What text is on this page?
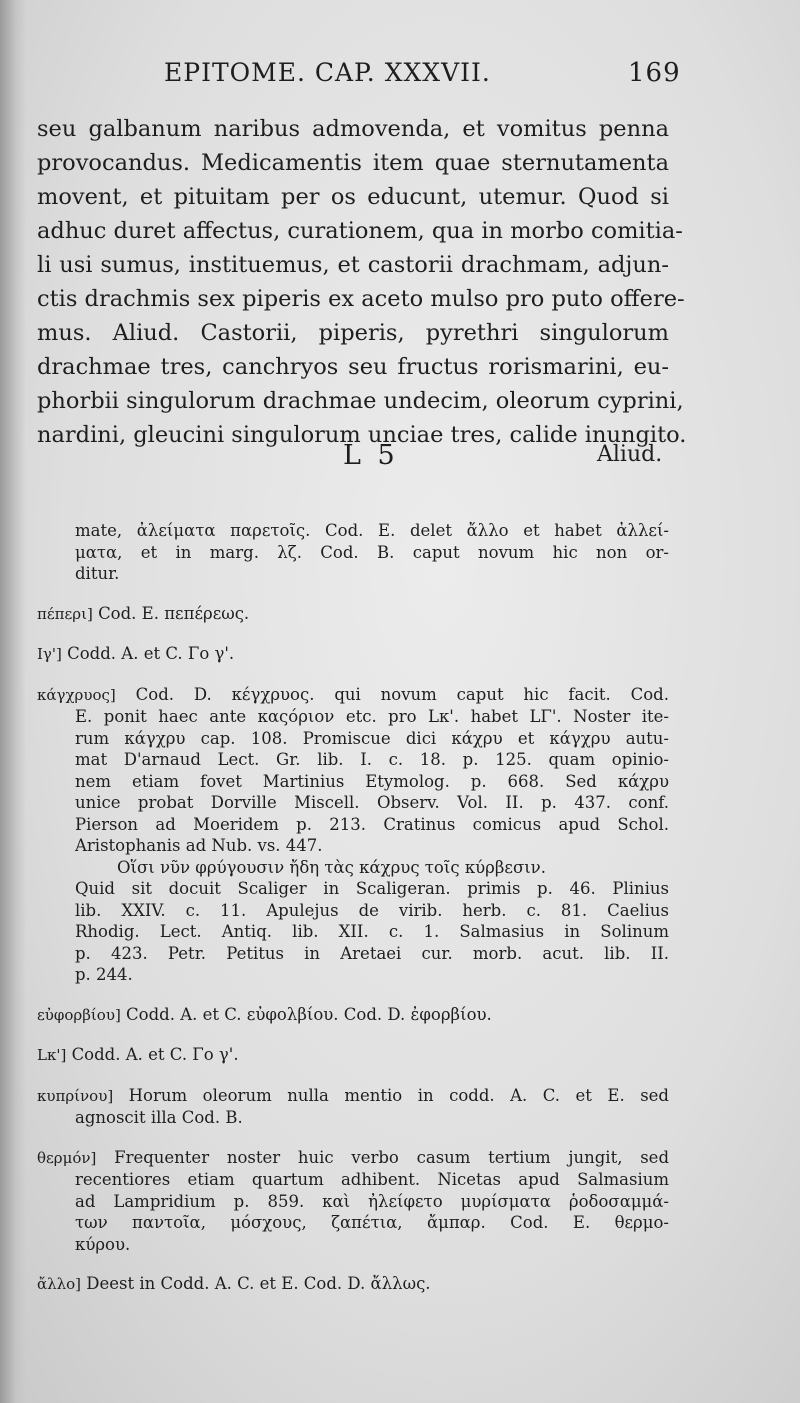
EPITOME. CAP. XXXVII.	169
seu galbanum naribus admovenda, et vomitus penna
provocandus. Medicamentis item quae sternutamenta
movent, et pituitam per os educunt, utemur. Quod si
adhuc duret affectus, curationem, qua in morbo comitia-
li usi sumus, instituemus, et castorii drachmam, adjun-
ctis drachmis sex piperis ex aceto mulso pro puto offere-
mus. Aliud. Castorii, piperis, pyrethri singulorum
drachmae tres, canchryos seu fructus rorismarini, eu-
phorbii singulorum drachmae undecim, oleorum cyprini,
nardini, gleucini singulorum unciae tres, calide inungito.
L 5	Aliud.
mate, ἀλείματα παρετοῖς. Cod. E. delet ἄλλο et habet ἀλλεί-
ματα, et in marg. λζ. Cod. B. caput novum hic non or-
ditur.
πέπερι] Cod. E. πεπέρεως.
Iγ'] Codd. A. et C. Γο γ'.
κάγχρυος] Cod. D. κέγχρυος. qui novum caput hic facit. Cod.
E. ponit haec ante καςόριον etc. pro Lκ'. habet LΓ'. Noster ite-
rum κάγχρυ cap. 108. Promiscue dici κάχρυ et κάγχρυ autu-
mat D'arnaud Lect. Gr. lib. I. c. 18. p. 125. quam opinio-
nem etiam fovet Martinius Etymolog. p. 668. Sed κάχρυ
unice probat Dorville Miscell. Observ. Vol. II. p. 437. conf.
Pierson ad Moeridem p. 213. Cratinus comicus apud Schol.
Aristophanis ad Nub. vs. 447.
Οἵσι νῦν φρύγουσιν ἤδη τὰς κάχρυς τοῖς κύρβεσιν.
Quid sit docuit Scaliger in Scaligeran. primis p. 46. Plinius
lib. XXIV. c. 11. Apulejus de virib. herb. c. 81. Caelius
Rhodig. Lect. Antiq. lib. XII. c. 1. Salmasius in Solinum
p. 423. Petr. Petitus in Aretaei cur. morb. acut. lib. II.
p. 244.
εὐφορβίου] Codd. A. et C. εὐφολβίου. Cod. D. ἐφορβίου.
Lκ'] Codd. A. et C. Γο γ'.
κυπρίνου] Horum oleorum nulla mentio in codd. A. C. et E. sed
agnoscit illa Cod. B.
θερμόν] Frequenter noster huic verbo casum tertium jungit, sed
recentiores etiam quartum adhibent. Nicetas apud Salmasium
ad Lampridium p. 859. καὶ ἠλείφετο μυρίσματα ῥοδοσαμμά-
των παντοῖα, μόσχους, ζαπέτια, ἄμπαρ. Cod. E. θερμο-
κύρου.
ἄλλο] Deest in Codd. A. C. et E. Cod. D. ἄλλως.
